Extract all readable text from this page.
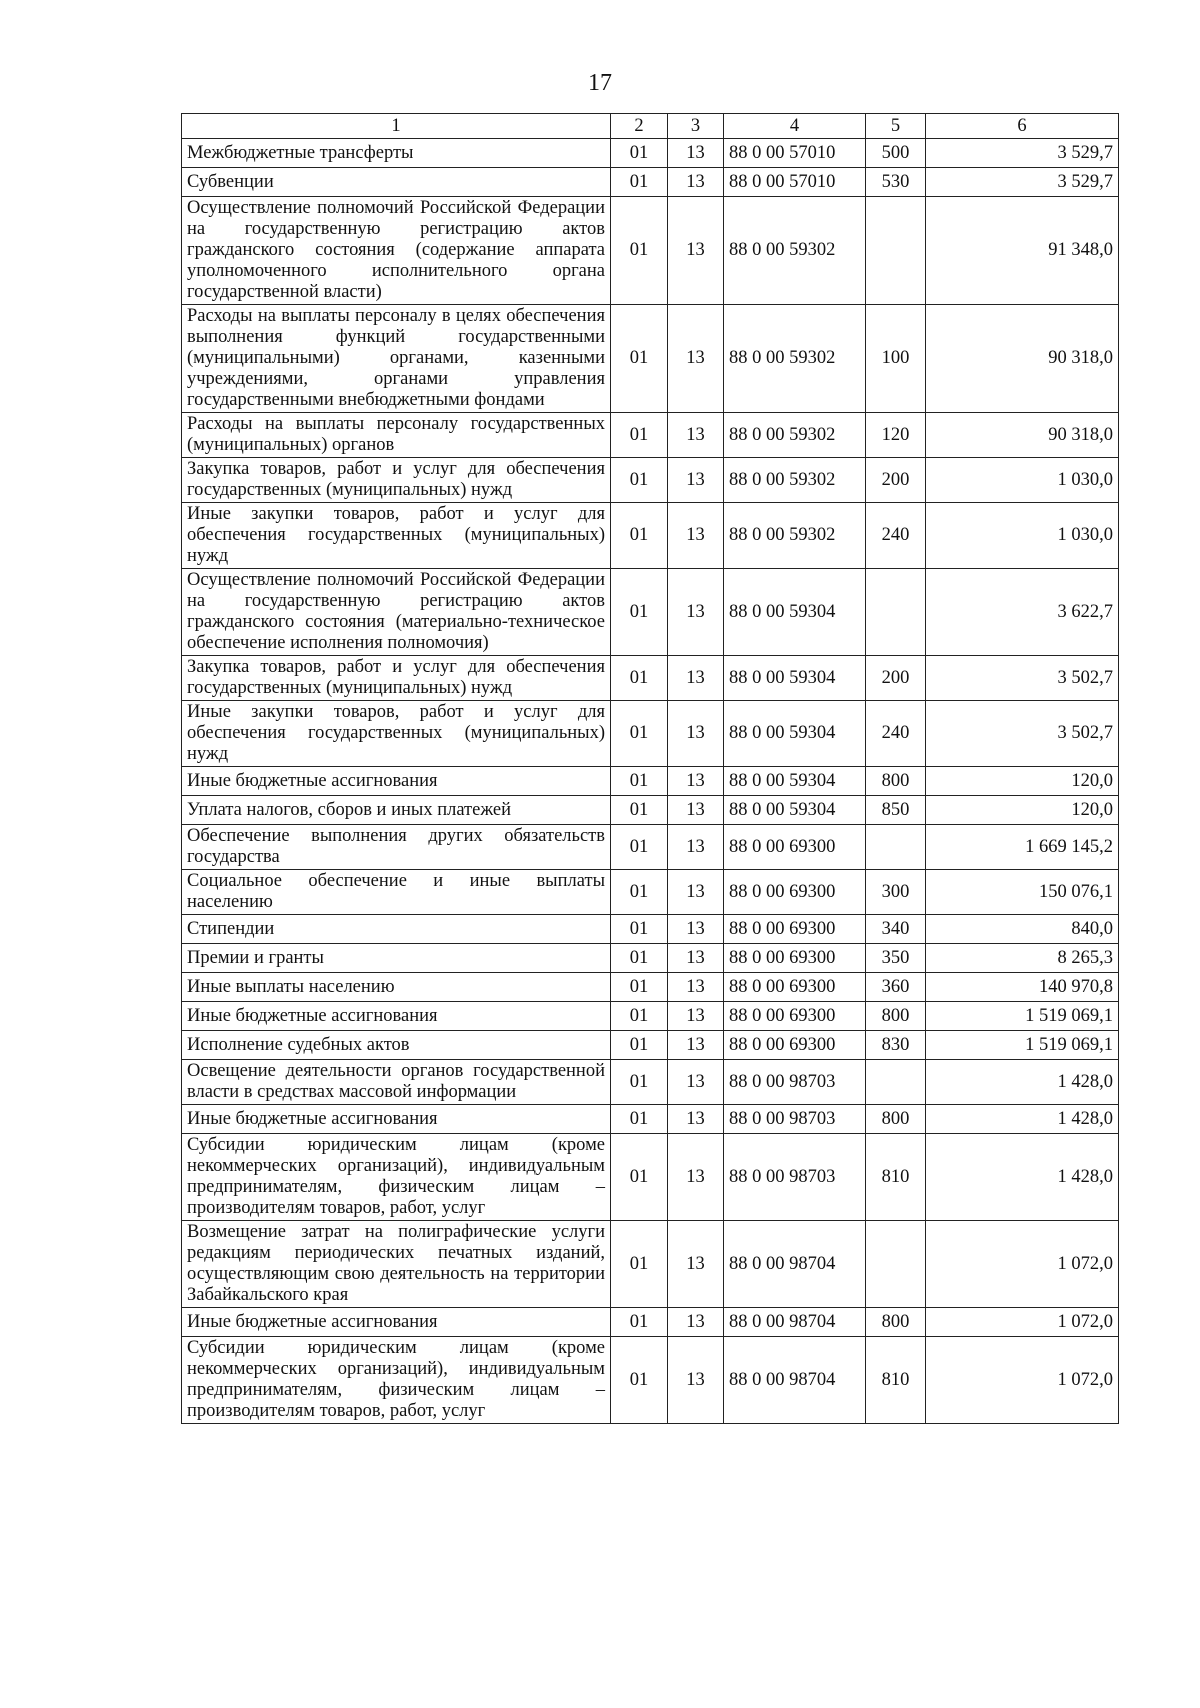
17
1	2	3	4	5	6
Межбюджетные трансферты	01	13	88 0 00 57010	500	3 529,7
Субвенции	01	13	88 0 00 57010	530	3 529,7
Осуществление полномочий Российской Федерации на государственную регистрацию актов гражданского состояния (содержание аппарата уполномоченного исполнительного органа государственной власти)	01	13	88 0 00 59302		91 348,0
Расходы на выплаты персоналу в целях обеспечения выполнения функций государственными (муниципальными) органами, казенными учреждениями, органами управления государственными внебюджетными фондами	01	13	88 0 00 59302	100	90 318,0
Расходы на выплаты персоналу государственных (муниципальных) органов	01	13	88 0 00 59302	120	90 318,0
Закупка товаров, работ и услуг для обеспечения государственных (муниципальных) нужд	01	13	88 0 00 59302	200	1 030,0
Иные закупки товаров, работ и услуг для обеспечения государственных (муниципальных) нужд	01	13	88 0 00 59302	240	1 030,0
Осуществление полномочий Российской Федерации на государственную регистрацию актов гражданского состояния (материально-техническое обеспечение исполнения полномочия)	01	13	88 0 00 59304		3 622,7
Закупка товаров, работ и услуг для обеспечения государственных (муниципальных) нужд	01	13	88 0 00 59304	200	3 502,7
Иные закупки товаров, работ и услуг для обеспечения государственных (муниципальных) нужд	01	13	88 0 00 59304	240	3 502,7
Иные бюджетные ассигнования	01	13	88 0 00 59304	800	120,0
Уплата налогов, сборов и иных платежей	01	13	88 0 00 59304	850	120,0
Обеспечение выполнения других обязательств государства	01	13	88 0 00 69300		1 669 145,2
Социальное обеспечение и иные выплаты населению	01	13	88 0 00 69300	300	150 076,1
Стипендии	01	13	88 0 00 69300	340	840,0
Премии и гранты	01	13	88 0 00 69300	350	8 265,3
Иные выплаты населению	01	13	88 0 00 69300	360	140 970,8
Иные бюджетные ассигнования	01	13	88 0 00 69300	800	1 519 069,1
Исполнение судебных актов	01	13	88 0 00 69300	830	1 519 069,1
Освещение деятельности органов государственной власти в средствах массовой информации	01	13	88 0 00 98703		1 428,0
Иные бюджетные ассигнования	01	13	88 0 00 98703	800	1 428,0
Субсидии юридическим лицам (кроме некоммерческих организаций), индивидуальным предпринимателям, физическим лицам – производителям товаров, работ, услуг	01	13	88 0 00 98703	810	1 428,0
Возмещение затрат на полиграфические услуги редакциям периодических печатных изданий, осуществляющим свою деятельность на территории Забайкальского края	01	13	88 0 00 98704		1 072,0
Иные бюджетные ассигнования	01	13	88 0 00 98704	800	1 072,0
Субсидии юридическим лицам (кроме некоммерческих организаций), индивидуальным предпринимателям, физическим лицам – производителям товаров, работ, услуг	01	13	88 0 00 98704	810	1 072,0
